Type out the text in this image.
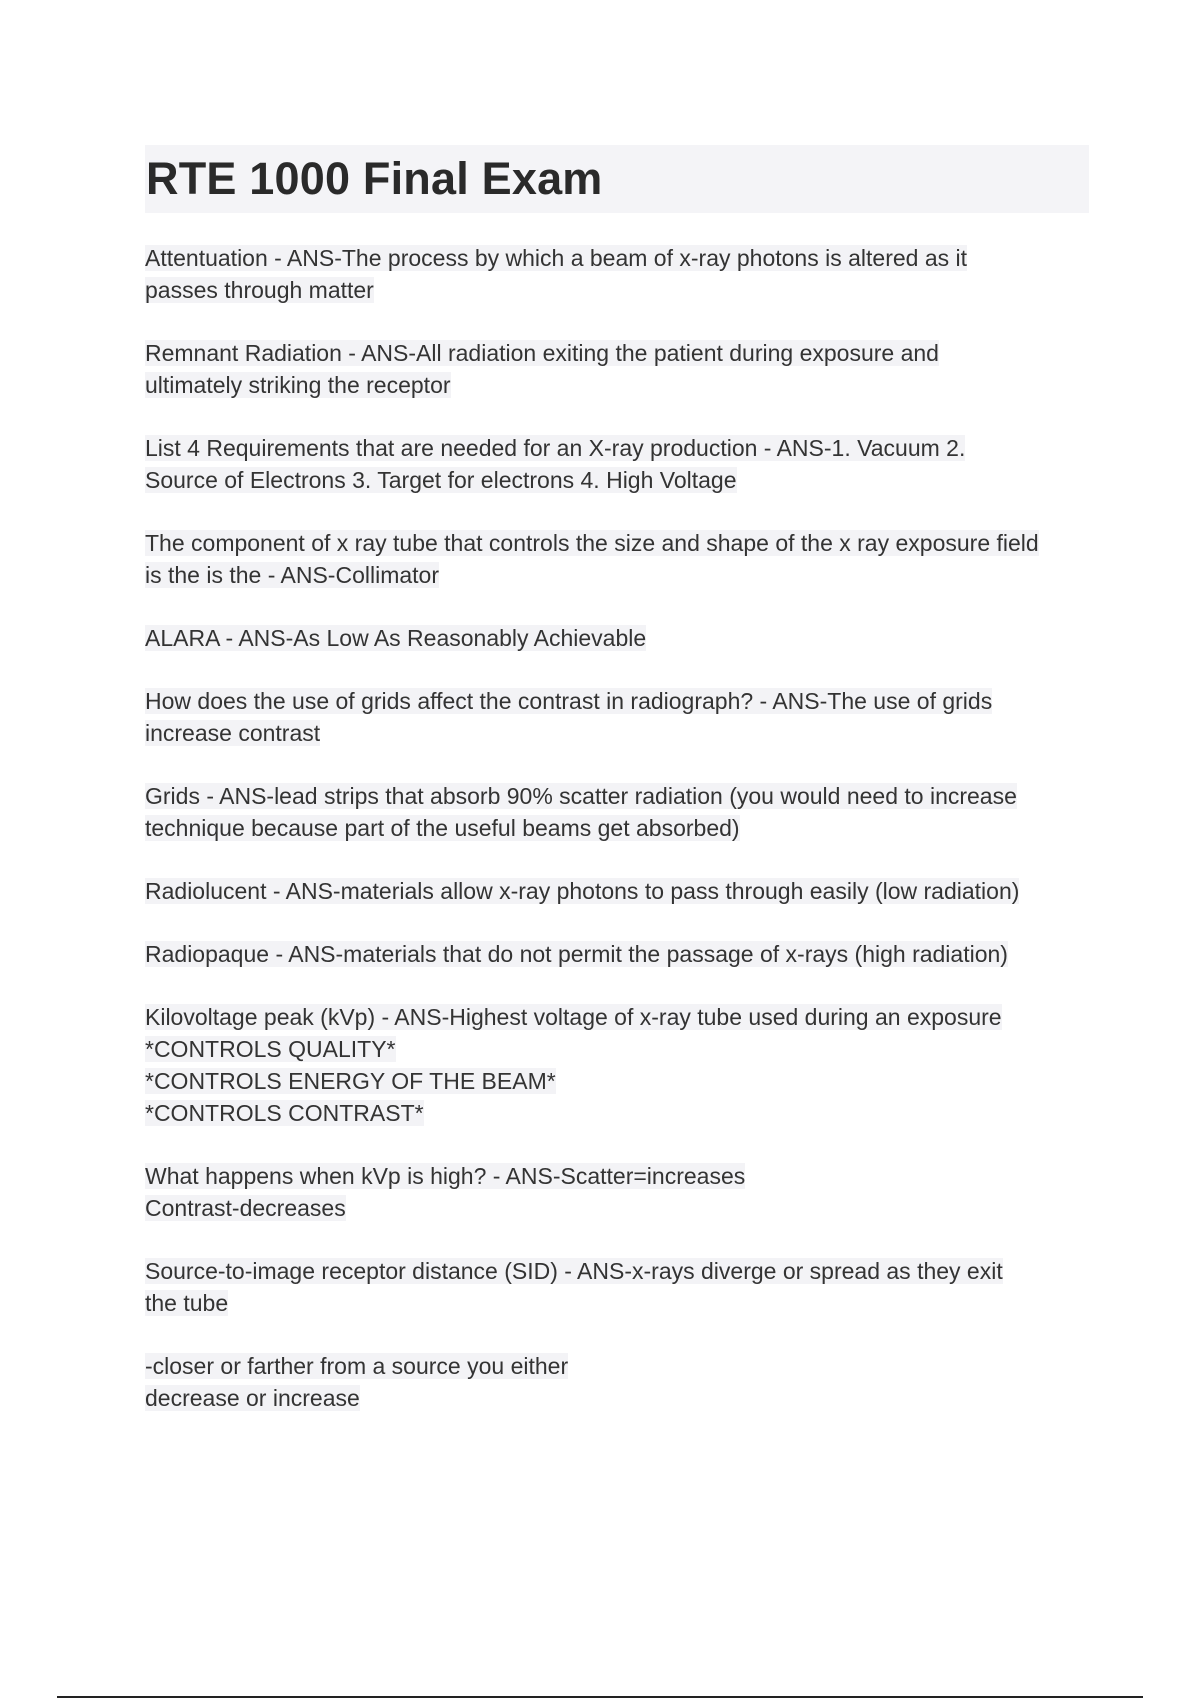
RTE 1000 Final Exam

Attentuation - ANS-The process by which a beam of x-ray photons is altered as it
passes through matter

Remnant Radiation - ANS-All radiation exiting the patient during exposure and
ultimately striking the receptor

List 4 Requirements that are needed for an X-ray production - ANS-1. Vacuum 2.
Source of Electrons 3. Target for electrons 4. High Voltage

The component of x ray tube that controls the size and shape of the x ray exposure field
is the is the - ANS-Collimator

ALARA - ANS-As Low As Reasonably Achievable

How does the use of grids affect the contrast in radiograph? - ANS-The use of grids
increase contrast

Grids - ANS-lead strips that absorb 90% scatter radiation (you would need to increase
technique because part of the useful beams get absorbed)

Radiolucent - ANS-materials allow x-ray photons to pass through easily (low radiation)

Radiopaque - ANS-materials that do not permit the passage of x-rays (high radiation)

Kilovoltage peak (kVp) - ANS-Highest voltage of x-ray tube used during an exposure
*CONTROLS QUALITY*
*CONTROLS ENERGY OF THE BEAM*
*CONTROLS CONTRAST*

What happens when kVp is high? - ANS-Scatter=increases
Contrast-decreases

Source-to-image receptor distance (SID) - ANS-x-rays diverge or spread as they exit
the tube

-closer or farther from a source you either
decrease or increase
